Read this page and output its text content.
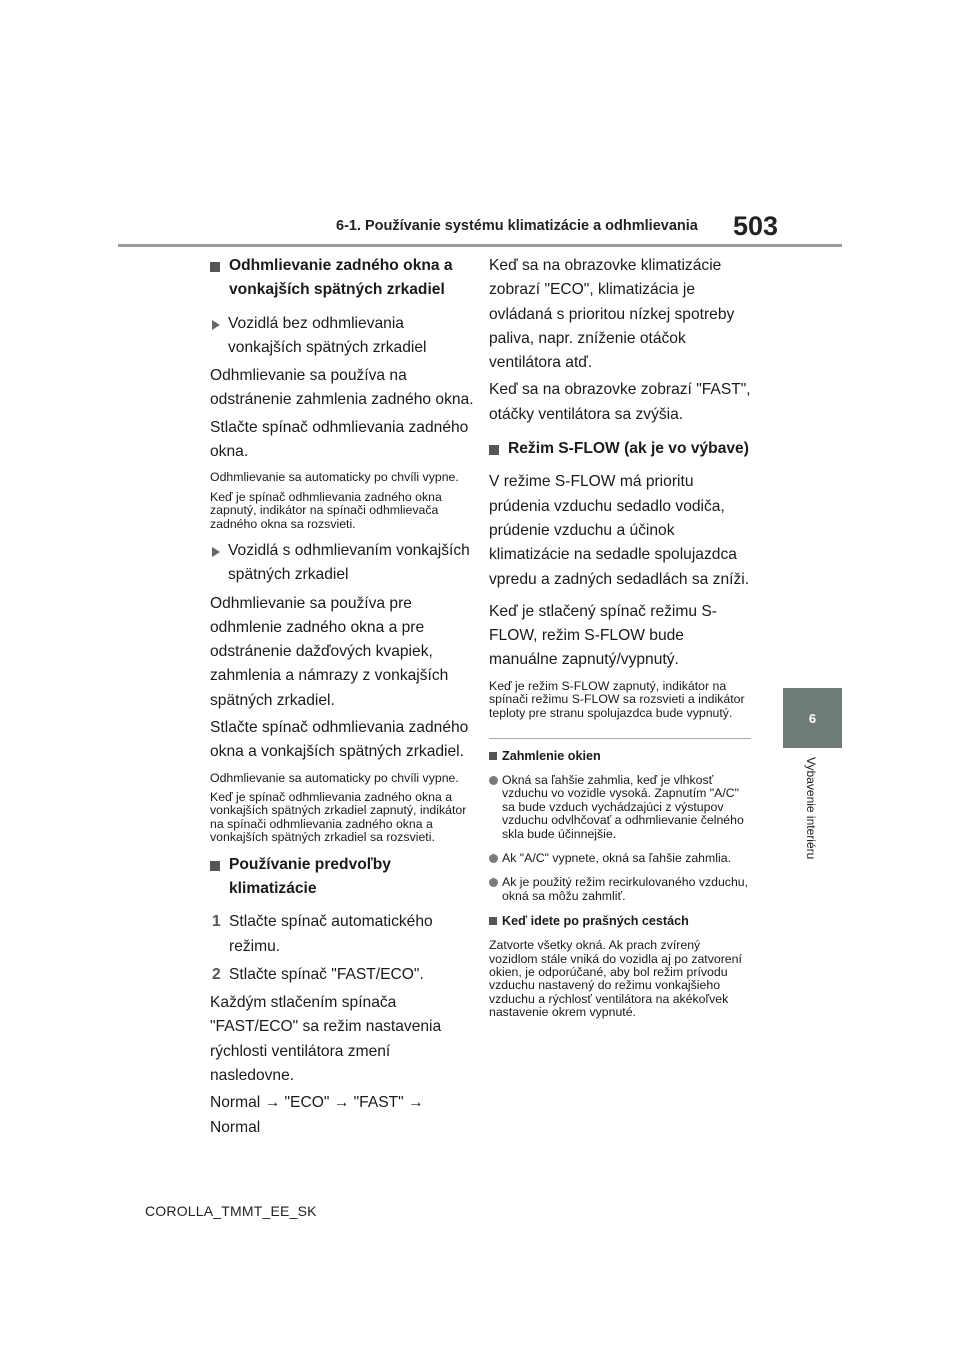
6-1. Používanie systému klimatizácie a odhmlievania 503
6
Vybavenie interiéru
Odhmlievanie zadného okna a vonkajších spätných zrkadiel
Vozidlá bez odhmlievania vonkajších spätných zrkadiel

Odhmlievanie sa používa na odstránenie zahmlenia zadného okna.

Stlačte spínač odhmlievania zadného okna.

Odhmlievanie sa automaticky po chvíli vypne.

Keď je spínač odhmlievania zadného okna zapnutý, indikátor na spínači odhmlievača zadného okna sa rozsvieti.

Vozidlá s odhmlievaním vonkajších spätných zrkadiel

Odhmlievanie sa používa pre odhmlenie zadného okna a pre odstránenie dažďových kvapiek, zahmlenia a námrazy z vonkajších spätných zrkadiel.

Stlačte spínač odhmlievania zadného okna a vonkajších spätných zrkadiel.

Odhmlievanie sa automaticky po chvíli vypne.

Keď je spínač odhmlievania zadného okna a vonkajších spätných zrkadiel zapnutý, indikátor na spínači odhmlievania zadného okna a vonkajších spätných zrkadiel sa rozsvieti.

Používanie predvoľby klimatizácie
1 Stlačte spínač automatického režimu.
2 Stlačte spínač "FAST/ECO".

Každým stlačením spínača "FAST/ECO" sa režim nastavenia rýchlosti ventilátora zmení nasledovne.

Normal → "ECO" → "FAST" → Normal

Keď sa na obrazovke klimatizácie zobrazí "ECO", klimatizácia je ovládaná s prioritou nízkej spotreby paliva, napr. zníženie otáčok ventilátora atď.

Keď sa na obrazovke zobrazí "FAST", otáčky ventilátora sa zvýšia.

Režim S-FLOW (ak je vo výbave)

V režime S-FLOW má prioritu prúdenia vzduchu sedadlo vodiča, prúdenie vzduchu a účinok klimatizácie na sedadle spolujazdca vpredu a zadných sedadlách sa zníži.

Keď je stlačený spínač režimu S-FLOW, režim S-FLOW bude manuálne zapnutý/vypnutý.

Keď je režim S-FLOW zapnutý, indikátor na spínači režimu S-FLOW sa rozsvieti a indikátor teploty pre stranu spolujazdca bude vypnutý.

Zahmlenie okien
Okná sa ľahšie zahmlia, keď je vlhkosť vzduchu vo vozidle vysoká. Zapnutím "A/C" sa bude vzduch vychádzajúci z výstupov vzduchu odvlhčovať a odhmlievanie čelného skla bude účinnejšie.
Ak "A/C" vypnete, okná sa ľahšie zahmlia.
Ak je použitý režim recirkulovaného vzduchu, okná sa môžu zahmliť.
Keď idete po prašných cestách

Zatvorte všetky okná. Ak prach zvírený vozidlom stále vniká do vozidla aj po zatvorení okien, je odporúčané, aby bol režim prívodu vzduchu nastavený do režimu vonkajšieho vzduchu a rýchlosť ventilátora na akékoľvek nastavenie okrem vypnuté.

COROLLA_TMMT_EE_SK
